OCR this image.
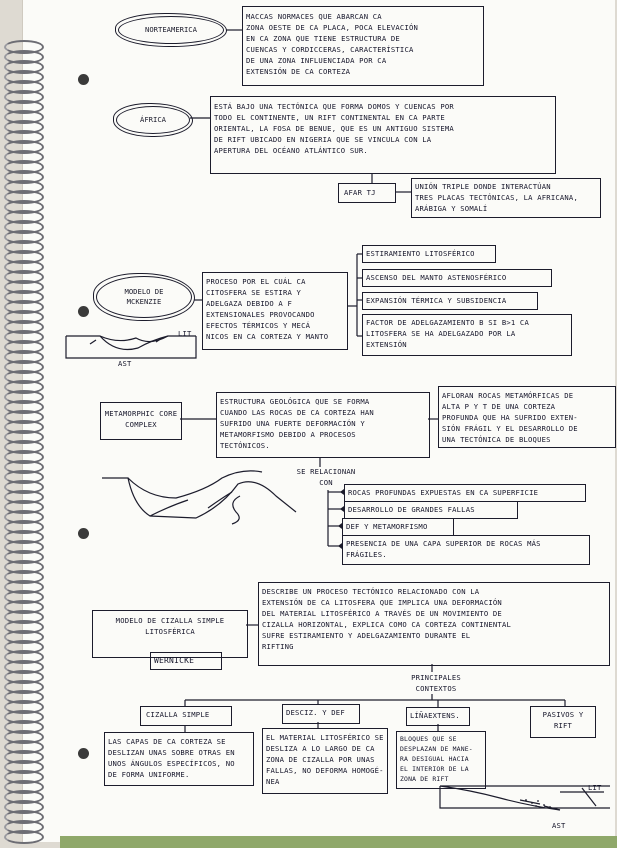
NORTEAMERICA
MACCAS NORMACES QUE ABARCAN CA
ZONA OESTE DE CA PLACA, POCA ELEVACIÓN
EN CA ZONA QUE TIENE ESTRUCTURA DE
CUENCAS Y CORDICCERAS, CARACTERÍSTICA
DE UNA ZONA INFLUENCIADA POR CA
EXTENSIÓN DE CA CORTEZA
ÁFRICA
ESTÁ BAJO UNA TECTÓNICA QUE FORMA DOMOS Y CUENCAS POR
TODO EL CONTINENTE, UN RIFT CONTINENTAL EN CA PARTE
ORIENTAL, LA FOSA DE BENUE, QUE ES UN ANTIGUO SISTEMA
DE RIFT UBICADO EN NIGERIA QUE SE VINCULA CON LA
APERTURA DEL OCÉANO ATLÁNTICO SUR.
AFAR TJ
UNIÓN TRIPLE DONDE INTERACTÚAN
TRES PLACAS TECTÓNICAS, LA AFRICANA,
ARÁBIGA Y SOMALÍ
MODELO DE
MCKENZIE
LIT
AST
PROCESO POR EL CUÁL CA
CITOSFERA SE ESTIRA Y
ADELGAZA DEBIDO A F
EXTENSIONALES PROVOCANDO
EFECTOS TÉRMICOS Y MECÁ
NICOS EN CA CORTEZA Y MANTO
ESTIRAMIENTO LITOSFÉRICO
ASCENSO DEL MANTO ASTENOSFÉRICO
EXPANSIÓN TÉRMICA Y SUBSIDENCIA
FACTOR DE ADELGAZAMIENTO Β SI Β>1 CA
LITOSFERA SE HA ADELGAZADO POR LA
EXTENSIÓN
METAMORPHIC CORE
COMPLEX
ESTRUCTURA GEOLÓGICA QUE SE FORMA
CUANDO LAS ROCAS DE CA CORTEZA HAN
SUFRIDO UNA FUERTE DEFORMACIÓN Y
METAMORFISMO DEBIDO A PROCESOS
TECTÓNICOS.
AFLORAN ROCAS METAMÓRFICAS DE
ALTA P Y T DE UNA CORTEZA
PROFUNDA QUE HA SUFRIDO EXTEN-
SIÓN FRÁGIL Y EL DESARROLLO DE
UNA TECTÓNICA DE BLOQUES
SE RELACIONAN
CON
ROCAS PROFUNDAS EXPUESTAS EN CA SUPERFICIE
DESARROLLO DE GRANDES FALLAS
DEF Y METAMORFISMO
PRESENCIA DE UNA CAPA SUPERIOR DE ROCAS MÁS
FRÁGILES.
MODELO DE CIZALLA SIMPLE
LITOSFÉRICA
WERNICKE
DESCRIBE UN PROCESO TECTÓNICO RELACIONADO CON LA
EXTENSIÓN DE CA LITOSFERA QUE IMPLICA UNA DEFORMACIÓN
DEL MATERIAL LITOSFÉRICO A TRAVÉS DE UN MOVIMIENTO DE
CIZALLA HORIZONTAL, EXPLICA COMO CA CORTEZA CONTINENTAL
SUFRE ESTIRAMIENTO Y ADELGAZAMIENTO DURANTE EL
RIFTING
PRINCIPALES
CONTEXTOS
CIZALLA SIMPLE	DESCIZ. Y DEF	LÍÑAEXTENS.	PASIVOS Y
RIFT
LAS CAPAS DE CA CORTEZA SE
DESLIZAN UNAS SOBRE OTRAS EN
UNOS ÁNGULOS ESPECÍFICOS, NO
DE FORMA UNIFORME.
EL MATERIAL LITOSFÉRICO SE
DESLIZA A LO LARGO DE CA
ZONA DE CIZALLA POR UNAS
FALLAS, NO DEFORMA HOMOGÉ-
NEA
BLOQUES QUE SE
DESPLAZAN DE MANE-
RA DESIGUAL HACIA
EL INTERIOR DE LA
ZONA DE RIFT
LIT
AST
